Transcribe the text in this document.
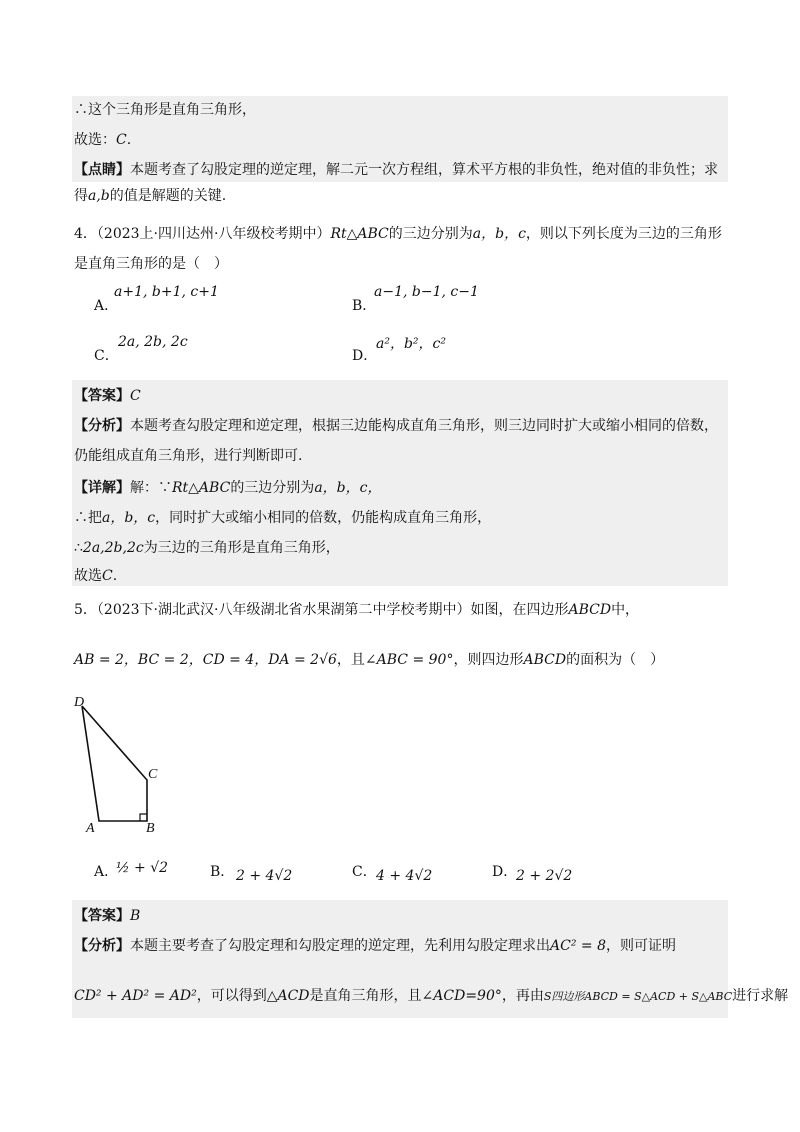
∴这个三角形是直角三角形，
故选：C.
【点睛】本题考查了勾股定理的逆定理，解二元一次方程组，算术平方根的非负性，绝对值的非负性；求
得a,b的值是解题的关键.
4．（2023上·四川达州·八年级校考期中）Rt△ABC的三边分别为a，b，c，则以下列长度为三边的三角形
是直角三角形的是（　）
A．
a+1, b+1, c+1
B．
a−1, b−1, c−1
C．
2a, 2b, 2c
D．
a²，b²，c²
【答案】C
【分析】本题考查勾股定理和逆定理，根据三边能构成直角三角形，则三边同时扩大或缩小相同的倍数，
仍能组成直角三角形，进行判断即可.
【详解】解：∵Rt△ABC的三边分别为a，b，c，
∴把a，b，c，同时扩大或缩小相同的倍数，仍能构成直角三角形，
∴2a,2b,2c为三边的三角形是直角三角形，
故选C.
5．（2023下·湖北武汉·八年级湖北省水果湖第二中学校考期中）如图，在四边形ABCD中，
AB = 2，BC = 2，CD = 4，DA = 2√6，且∠ABC = 90°，则四边形ABCD的面积为（　）
D
C
A	B
A．
½ + √2	B． 2 + 4√2	C． 4 + 4√2	D．
2 + 2√2
【答案】B
【分析】本题主要考查了勾股定理和勾股定理的逆定理，先利用勾股定理求出AC² = 8，则可证明
CD² + AD² = AD²，可以得到△ACD是直角三角形，且∠ACD=90°，再由S四边形ABCD = S△ACD + S△ABC进行求解
